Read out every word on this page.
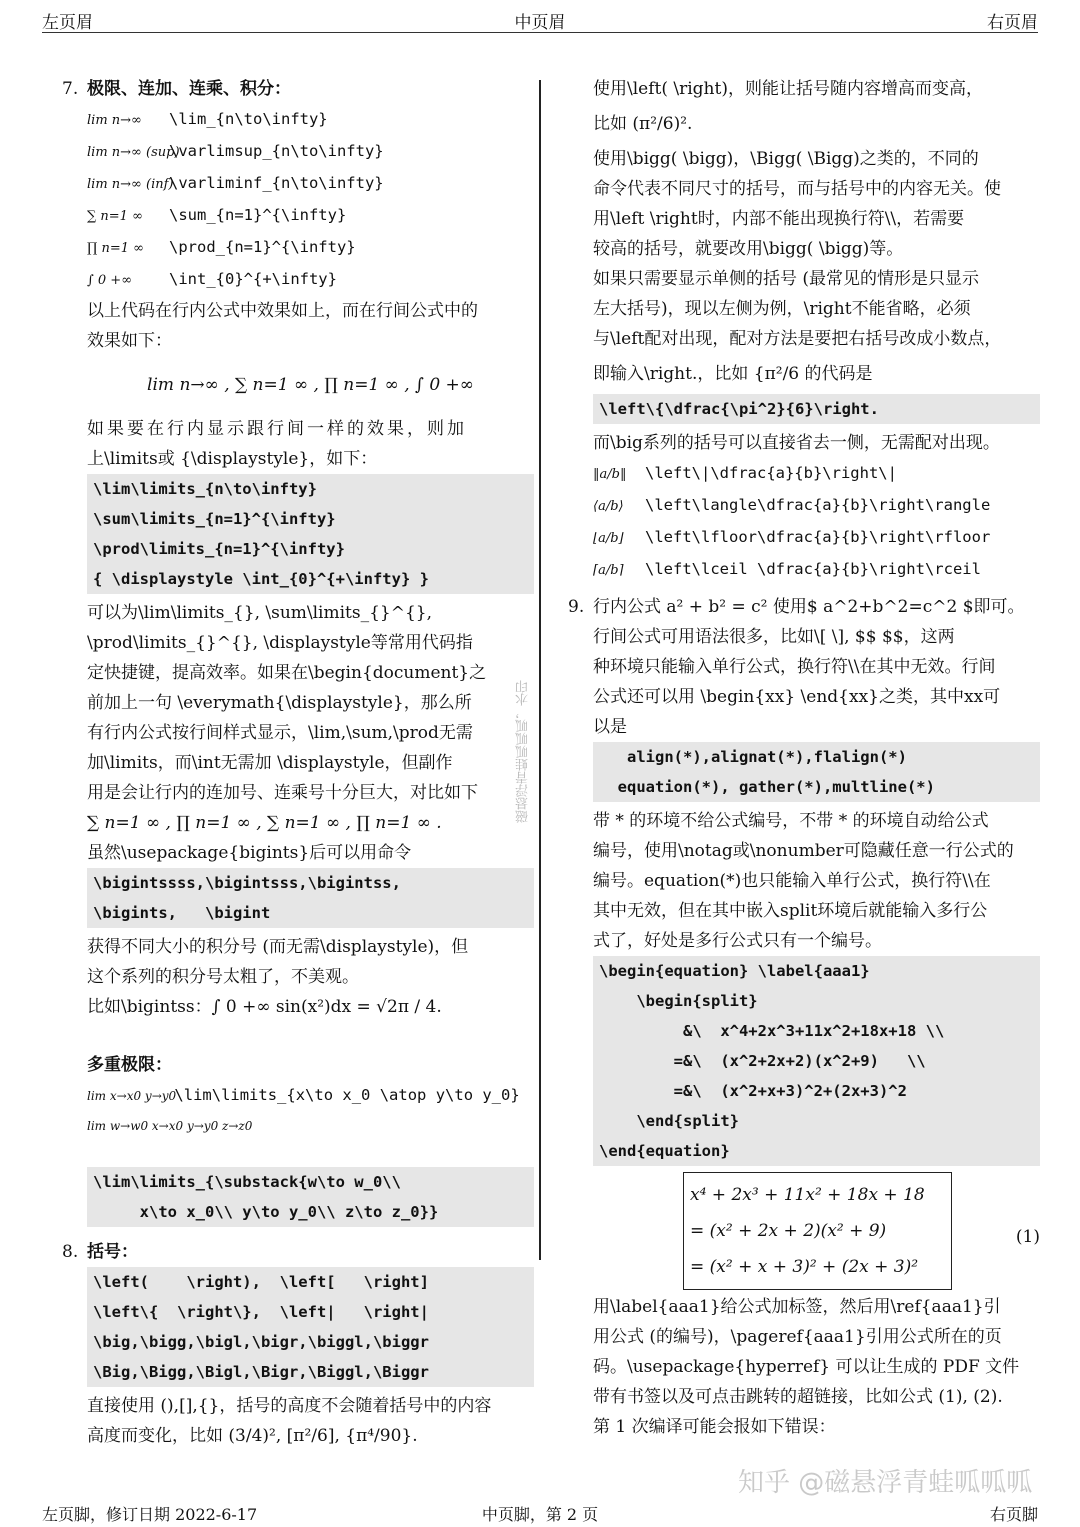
左页眉	中页眉	右页眉
7. 极限、连加、连乘、积分：
lim n→∞ \lim_{n\to\infty}
lim n→∞ (sup)\varlimsup_{n\to\infty}
lim n→∞ (inf)\varliminf_{n\to\infty}
∑ n=1 ∞ \sum_{n=1}^{\infty}
∏ n=1 ∞ \prod_{n=1}^{\infty}
∫ 0 +∞ \int_{0}^{+\infty}
以上代码在行内公式中效果如上，而在行间公式中的
效果如下：
lim n→∞ , ∑ n=1 ∞ , ∏ n=1 ∞ , ∫ 0 +∞
如果要在行内显示跟行间一样的效果，则加
上\limits或 {\displaystyle}，如下：
\lim\limits_{n\to\infty}
\sum\limits_{n=1}^{\infty}
\prod\limits_{n=1}^{\infty}
{ \displaystyle \int_{0}^{+\infty} }
可以为\lim\limits_{}, \sum\limits_{}^{},
\prod\limits_{}^{}, \displaystyle等常用代码指
定快捷键，提高效率。如果在\begin{document}之
前加上一句 \everymath{\displaystyle}，那么所
有行内公式按行间样式显示，\lim,\sum,\prod无需
加\limits，而\int无需加 \displaystyle，但副作
用是会让行内的连加号、连乘号十分巨大，对比如下
∑ n=1 ∞ , ∏ n=1 ∞ , ∑ n=1 ∞ , ∏ n=1 ∞ .
虽然\usepackage{bigints}后可以用命令
\bigintssss,\bigintsss,\bigintss,
\bigints,   \bigint
获得不同大小的积分号 (而无需\displaystyle)，但
这个系列的积分号太粗了，不美观。
比如\bigintss：∫ 0 +∞ sin(x²)dx = √2π / 4.
多重极限：
lim x→x0 y→y0 \lim\limits_{x\to x_0 \atop y\to y_0}
lim w→w0 x→x0 y→y0 z→z0
\lim\limits_{\substack{w\to w_0\\
x\to x_0\\ y\to y_0\\ z\to z_0}}
8. 括号：
\left(    \right),  \left[   \right]
\left\{  \right\},  \left|   \right|
\big,\bigg,\bigl,\bigr,\biggl,\biggr
\Big,\Bigg,\Bigl,\Bigr,\Biggl,\Biggr
直接使用 (),[],{}，括号的高度不会随着括号中的内容
高度而变化，比如 (3/4)², [π²/6], {π⁴/90}.
使用\left( \right)，则能让括号随内容增高而变高，
比如 (π²/6)².
使用\bigg( \bigg)，\Bigg( \Bigg)之类的，不同的
命令代表不同尺寸的括号，而与括号中的内容无关。使
用\left \right时，内部不能出现换行符\\，若需要
较高的括号，就要改用\bigg( \bigg)等。
如果只需要显示单侧的括号 (最常见的情形是只显示
左大括号)，现以左侧为例，\right不能省略，必须
与\left配对出现，配对方法是要把右括号改成小数点，
即输入\right.，比如 {π²/6 的代码是
\left\{\dfrac{\pi^2}{6}\right.
而\big系列的括号可以直接省去一侧，无需配对出现。
‖a/b‖ \left\|\dfrac{a}{b}\right\|
⟨a/b⟩ \left\langle\dfrac{a}{b}\right\rangle
⌊a/b⌋ \left\lfloor\dfrac{a}{b}\right\rfloor
⌈a/b⌉ \left\lceil \dfrac{a}{b}\right\rceil
9. 行内公式 a² + b² = c² 使用$ a^2+b^2=c^2 $即可。
行间公式可用语法很多，比如\[ \], $$ $$，这两
种环境只能输入单行公式，换行符\\在其中无效。行间
公式还可以用 \begin{xx} \end{xx}之类，其中xx可
以是
align(*),alignat(*),flalign(*)
equation(*), gather(*),multline(*)
带 * 的环境不给公式编号，不带 * 的环境自动给公式
编号，使用\notag或\nonumber可隐藏任意一行公式的
编号。equation(*)也只能输入单行公式，换行符\\在
其中无效，但在其中嵌入split环境后就能输入多行公
式了，好处是多行公式只有一个编号。
\begin{equation} \label{aaa1}
\begin{split}
&\  x^4+2x^3+11x^2+18x+18 \\
=&\  (x^2+2x+2)(x^2+9)   \\
=&\  (x^2+x+3)^2+(2x+3)^2
\end{split}
\end{equation}
x⁴ + 2x³ + 11x² + 18x + 18
= (x² + 2x + 2)(x² + 9)
= (x² + x + 3)² + (2x + 3)²
(1)
用\label{aaa1}给公式加标签，然后用\ref{aaa1}引
用公式 (的编号)，\pageref{aaa1}引用公式所在的页
码。\usepackage{hyperref} 可以让生成的 PDF 文件
带有书签以及可点击跳转的超链接，比如公式 (1), (2).
第 1 次编译可能会报如下错误：
磁悬浮青蛙呱呱呱，水印
知乎 @磁悬浮青蛙呱呱呱
左页脚，修订日期 2022-6-17	中页脚，第 2 页	右页脚
